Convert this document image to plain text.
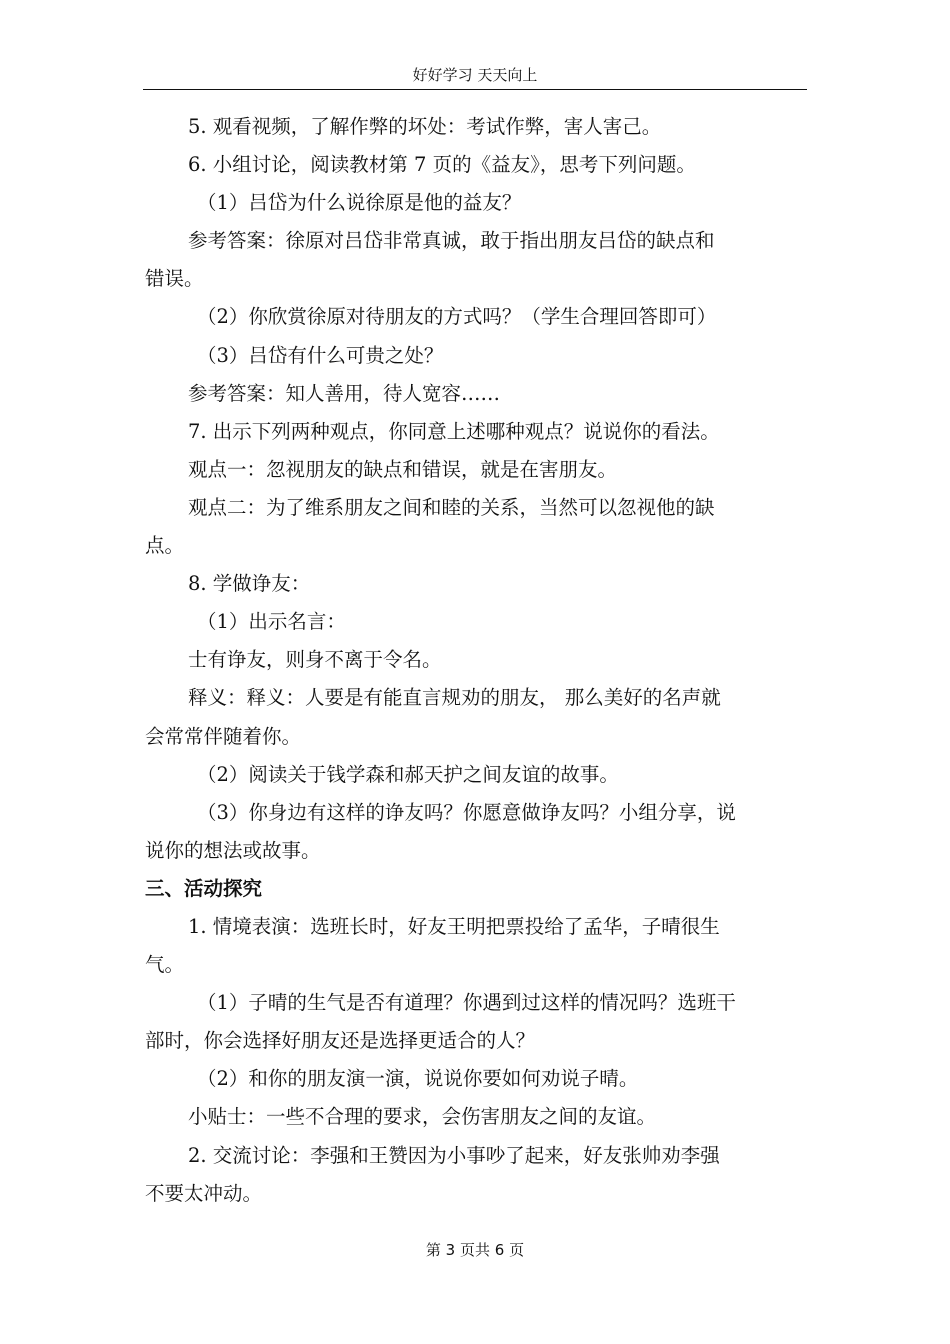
好好学习 天天向上
5. 观看视频，了解作弊的坏处：考试作弊，害人害己。
6. 小组讨论，阅读教材第 7 页的《益友》，思考下列问题。
（1）吕岱为什么说徐原是他的益友？
参考答案：徐原对吕岱非常真诚，敢于指出朋友吕岱的缺点和
错误。
（2）你欣赏徐原对待朋友的方式吗？（学生合理回答即可）
（3）吕岱有什么可贵之处？
参考答案：知人善用，待人宽容……
7. 出示下列两种观点，你同意上述哪种观点？说说你的看法。
观点一：忽视朋友的缺点和错误，就是在害朋友。
观点二：为了维系朋友之间和睦的关系，当然可以忽视他的缺
点。
8. 学做诤友：
（1）出示名言：
士有诤友，则身不离于令名。
释义：释义：人要是有能直言规劝的朋友， 那么美好的名声就
会常常伴随着你。
（2）阅读关于钱学森和郝天护之间友谊的故事。
（3）你身边有这样的诤友吗？你愿意做诤友吗？小组分享，说
说你的想法或故事。
三、活动探究
1. 情境表演：选班长时，好友王明把票投给了孟华，子晴很生
气。
（1）子晴的生气是否有道理？你遇到过这样的情况吗？选班干
部时，你会选择好朋友还是选择更适合的人？
（2）和你的朋友演一演，说说你要如何劝说子晴。
小贴士：一些不合理的要求，会伤害朋友之间的友谊。
2. 交流讨论：李强和王赞因为小事吵了起来，好友张帅劝李强
不要太冲动。
第 3 页共 6 页
